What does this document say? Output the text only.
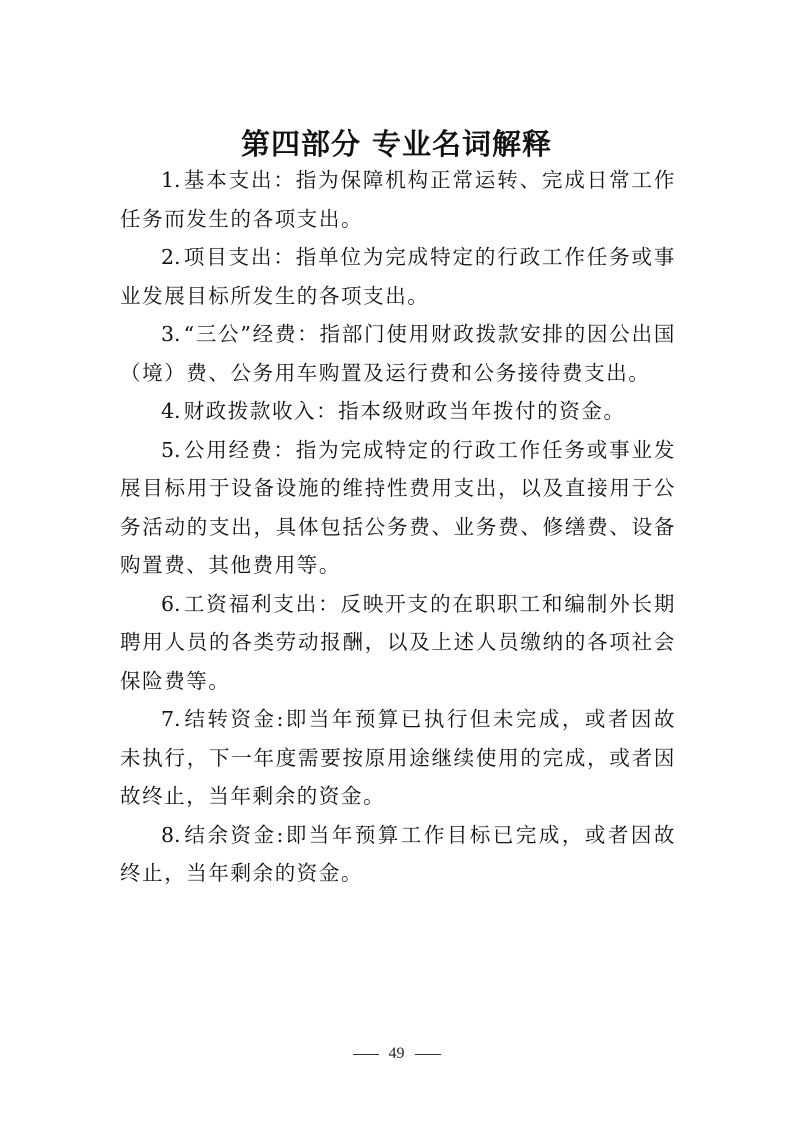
第四部分 专业名词解释

1. 基本支出：指为保障机构正常运转、完成日常工作任务而发生的各项支出。

2. 项目支出：指单位为完成特定的行政工作任务或事业发展目标所发生的各项支出。

3. “三公”经费：指部门使用财政拨款安排的因公出国（境）费、公务用车购置及运行费和公务接待费支出。

4. 财政拨款收入：指本级财政当年拨付的资金。

5. 公用经费：指为完成特定的行政工作任务或事业发展目标用于设备设施的维持性费用支出，以及直接用于公务活动的支出，具体包括公务费、业务费、修缮费、设备购置费、其他费用等。

6. 工资福利支出：反映开支的在职职工和编制外长期聘用人员的各类劳动报酬，以及上述人员缴纳的各项社会保险费等。

7. 结转资金:即当年预算已执行但未完成，或者因故未执行，下一年度需要按原用途继续使用的完成，或者因故终止，当年剩余的资金。

8. 结余资金:即当年预算工作目标已完成，或者因故终止，当年剩余的资金。

49
